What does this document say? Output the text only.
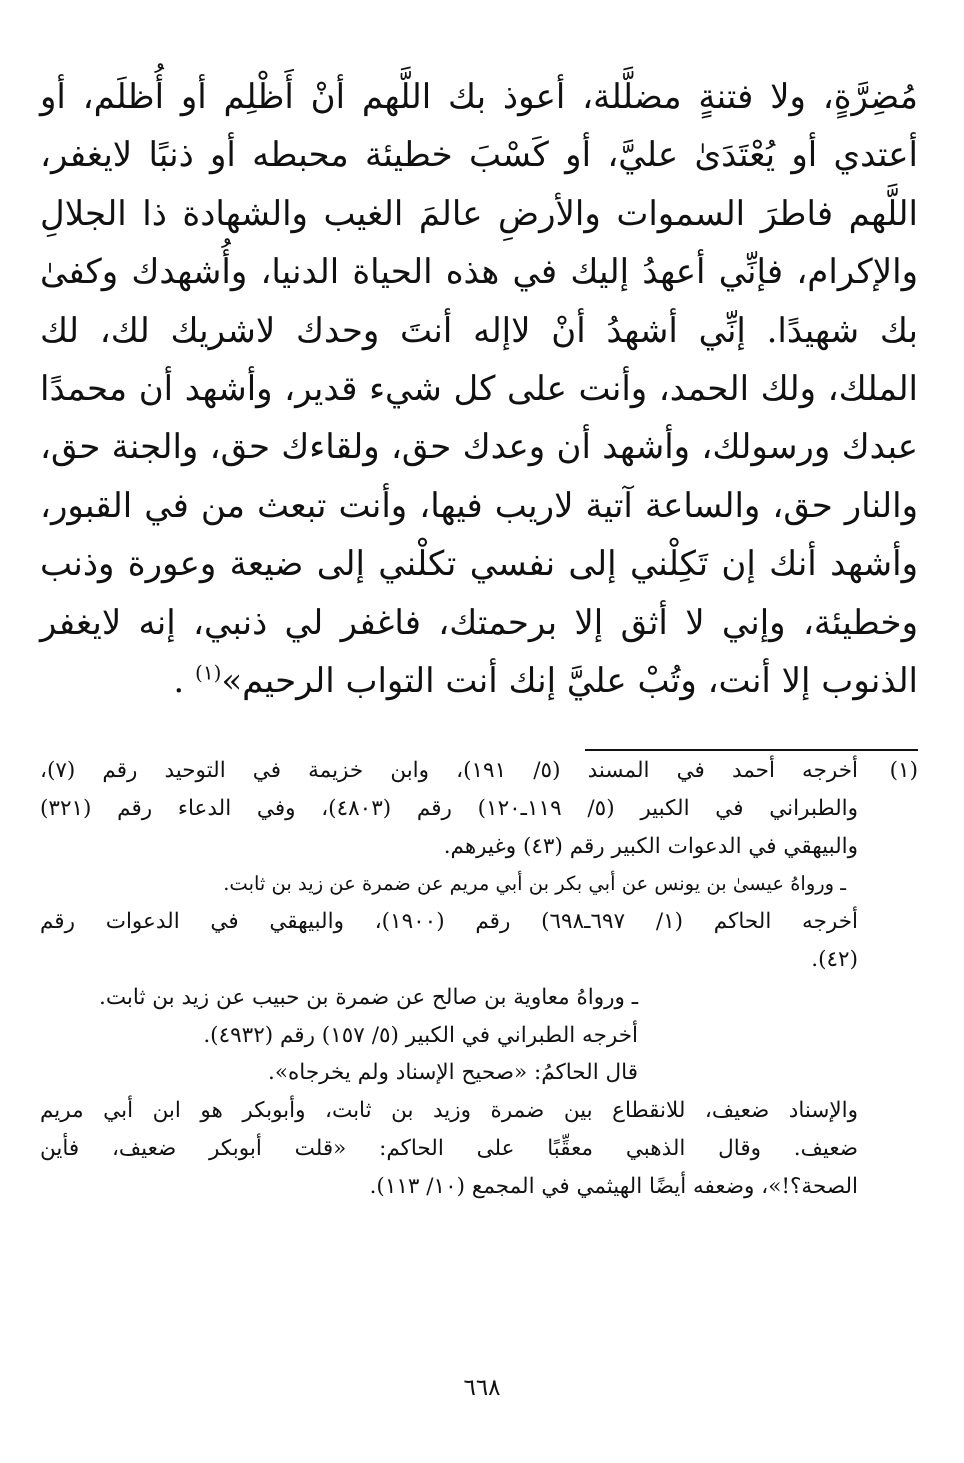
مُضِرَّةٍ، ولا فتنةٍ مضلَّلة، أعوذ بك اللَّهم أنْ أَظْلِم أو أُظلَم، أو أعتدي أو يُعْتَدَىٰ عليَّ، أو كَسْبَ خطيئة محبطه أو ذنبًا لايغفر، اللَّهم فاطرَ السموات والأرضِ عالمَ الغيب والشهادة ذا الجلالِ والإكرام، فإنِّي أعهدُ إليك في هذه الحياة الدنيا، وأُشهدك وكفىٰ بك شهيدًا. إنِّي أشهدُ أنْ لاإله أنتَ وحدك لاشريك لك، لك الملك، ولك الحمد، وأنت على كل شيء قدير، وأشهد أن محمدًا عبدك ورسولك، وأشهد أن وعدك حق، ولقاءك حق، والجنة حق، والنار حق، والساعة آتية لاريب فيها، وأنت تبعث من في القبور، وأشهد أنك إن تَكِلْني إلى نفسي تكلْني إلى ضيعة وعورة وذنب وخطيئة، وإني لا أثق إلا برحمتك، فاغفر لي ذنبي، إنه لايغفر الذنوب إلا أنت، وتُبْ عليَّ إنك أنت التواب الرحيم»$^{(١)}$ .

(١)
أخرجه أحمد في المسند (٥/ ١٩١)، وابن خزيمة في التوحيد رقم (٧)،
والطبراني في الكبير (٥/ ١١٩ـ١٢٠) رقم (٤٨٠٣)، وفي الدعاء رقم (٣٢١)
والبيهقي في الدعوات الكبير رقم (٤٣) وغيرهم.
ـ ورواهُ عيسىٰ بن يونس عن أبي بكر بن أبي مريم عن ضمرة عن زيد بن ثابت.
أخرجه الحاكم (١/ ٦٩٧ـ٦٩٨) رقم (١٩٠٠)، والبيهقي في الدعوات رقم
(٤٢).
ـ ورواهُ معاوية بن صالح عن ضمرة بن حبيب عن زيد بن ثابت.
أخرجه الطبراني في الكبير (٥/ ١٥٧) رقم (٤٩٣٢).
قال الحاكمُ: «صحيح الإسناد ولم يخرجاه».
والإسناد ضعيف، للانقطاع بين ضمرة وزيد بن ثابت، وأبوبكر هو ابن أبي مريم
ضعيف. وقال الذهبي معقِّبًا على الحاكم: «قلت أبوبكر ضعيف، فأين
الصحة؟!»، وضعفه أيضًا الهيثمي في المجمع (١٠/ ١١٣).
٦٦٨
